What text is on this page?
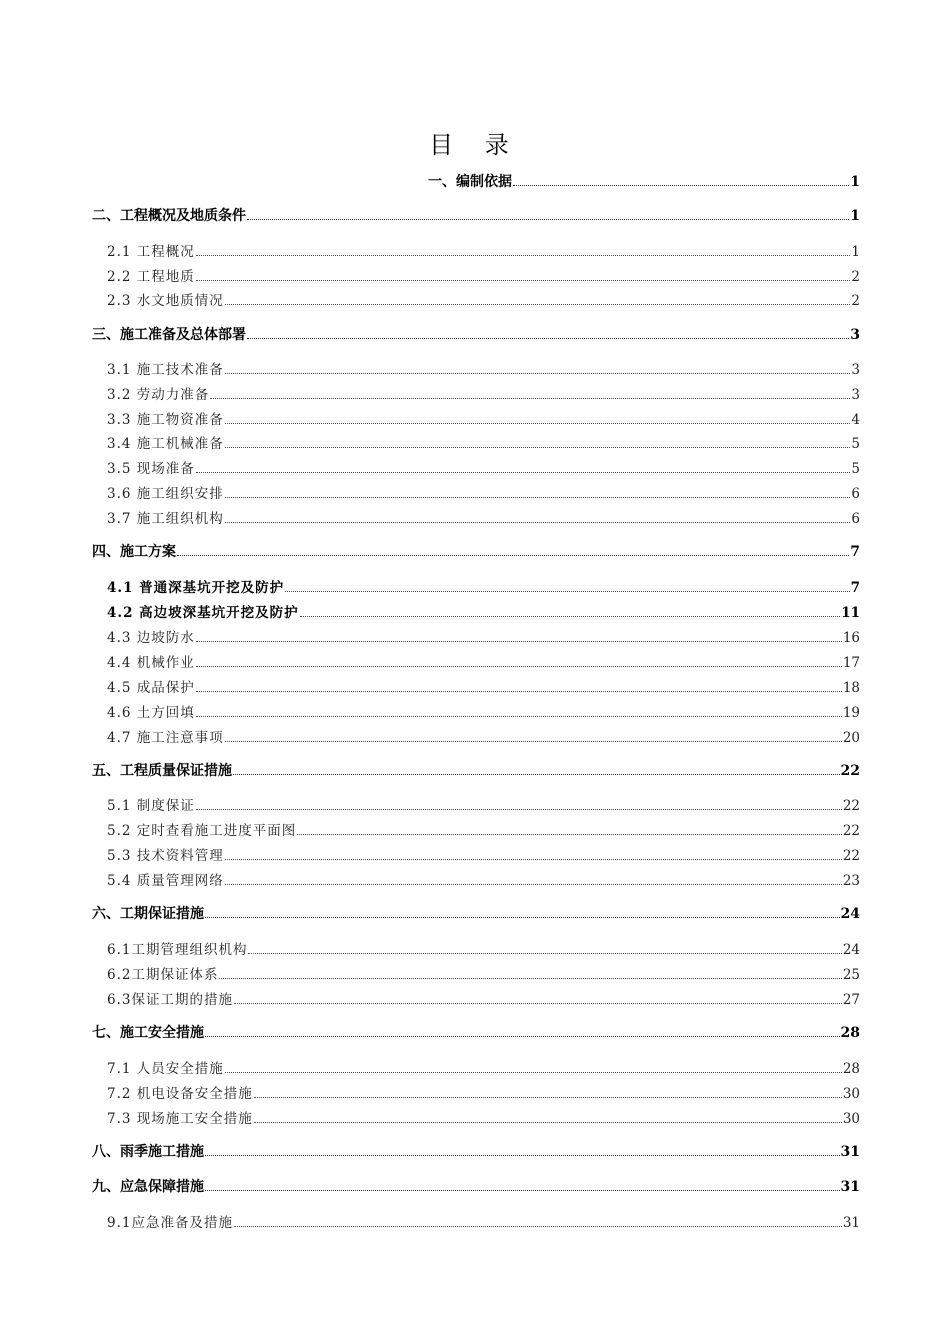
目 录
一、编制依据	1
二、工程概况及地质条件	1
2.1 工程概况	1
2.2 工程地质	2
2.3 水文地质情况	2
三、施工准备及总体部署	3
3.1 施工技术准备	3
3.2 劳动力准备	3
3.3 施工物资准备	4
3.4 施工机械准备	5
3.5 现场准备	5
3.6 施工组织安排	6
3.7 施工组织机构	6
四、施工方案	7
4.1 普通深基坑开挖及防护	7
4.2 高边坡深基坑开挖及防护	11
4.3 边坡防水	16
4.4 机械作业	17
4.5 成品保护	18
4.6 土方回填	19
4.7 施工注意事项	20
五、工程质量保证措施	22
5.1 制度保证	22
5.2 定时查看施工进度平面图	22
5.3 技术资料管理	22
5.4 质量管理网络	23
六、工期保证措施	24
6.1工期管理组织机构	24
6.2工期保证体系	25
6.3保证工期的措施	27
七、施工安全措施	28
7.1 人员安全措施	28
7.2 机电设备安全措施	30
7.3 现场施工安全措施	30
八、雨季施工措施	31
九、应急保障措施	31
9.1应急准备及措施	31
